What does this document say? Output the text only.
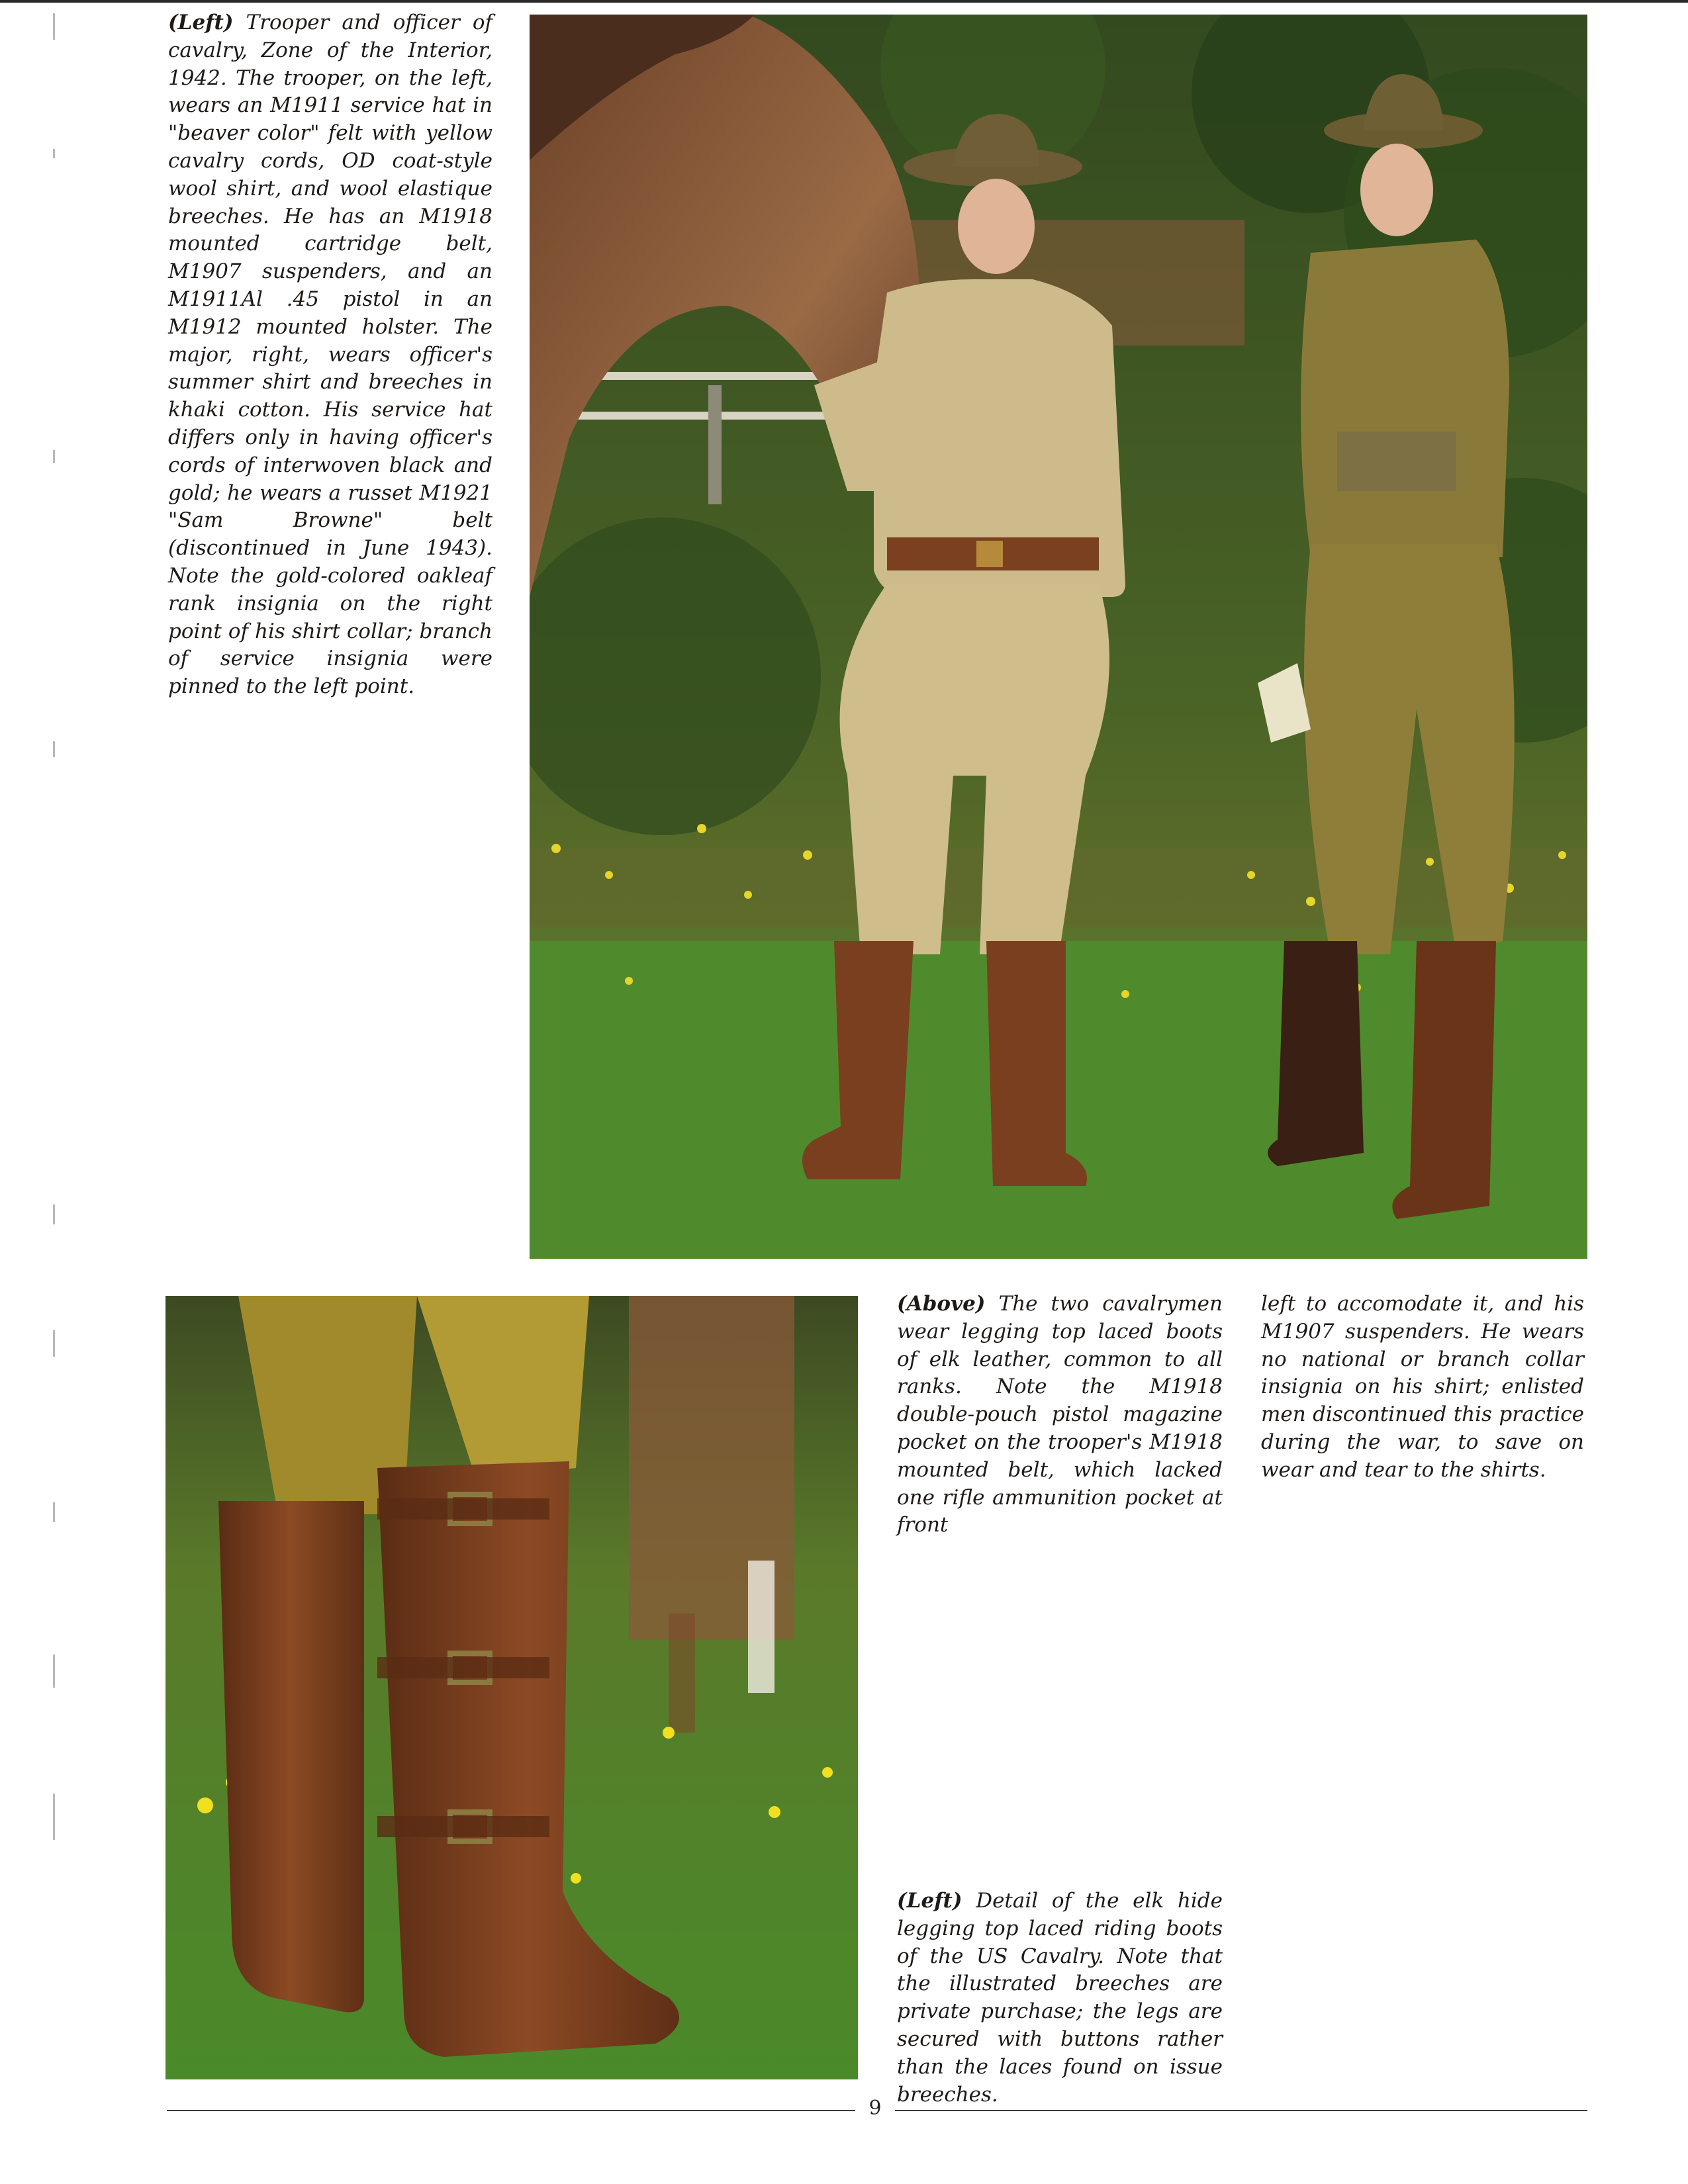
(Left) Trooper and officer of cavalry, Zone of the Interior, 1942. The trooper, on the left, wears an M1911 service hat in "beaver color" felt with yellow cavalry cords, OD coat-style wool shirt, and wool elastique breeches. He has an M1918 mounted cartridge belt, M1907 suspenders, and an M1911Al .45 pistol in an M1912 mounted holster. The major, right, wears officer's summer shirt and breeches in khaki cotton. His service hat differs only in having officer's cords of interwoven black and gold; he wears a russet M1921 "Sam Browne" belt (discontinued in June 1943). Note the gold-colored oakleaf rank insignia on the right point of his shirt collar; branch of service insignia were pinned to the left point.

(Above) The two cavalrymen wear legging top laced boots of elk leather, common to all ranks. Note the M1918 double-pouch pistol magazine pocket on the trooper's M1918 mounted belt, which lacked one rifle ammunition pocket at front

left to accomodate it, and his M1907 suspenders. He wears no national or branch collar insignia on his shirt; enlisted men discontinued this practice during the war, to save on wear and tear to the shirts.

(Left) Detail of the elk hide legging top laced riding boots of the US Cavalry. Note that the illustrated breeches are private purchase; the legs are secured with buttons rather than the laces found on issue breeches.

9
